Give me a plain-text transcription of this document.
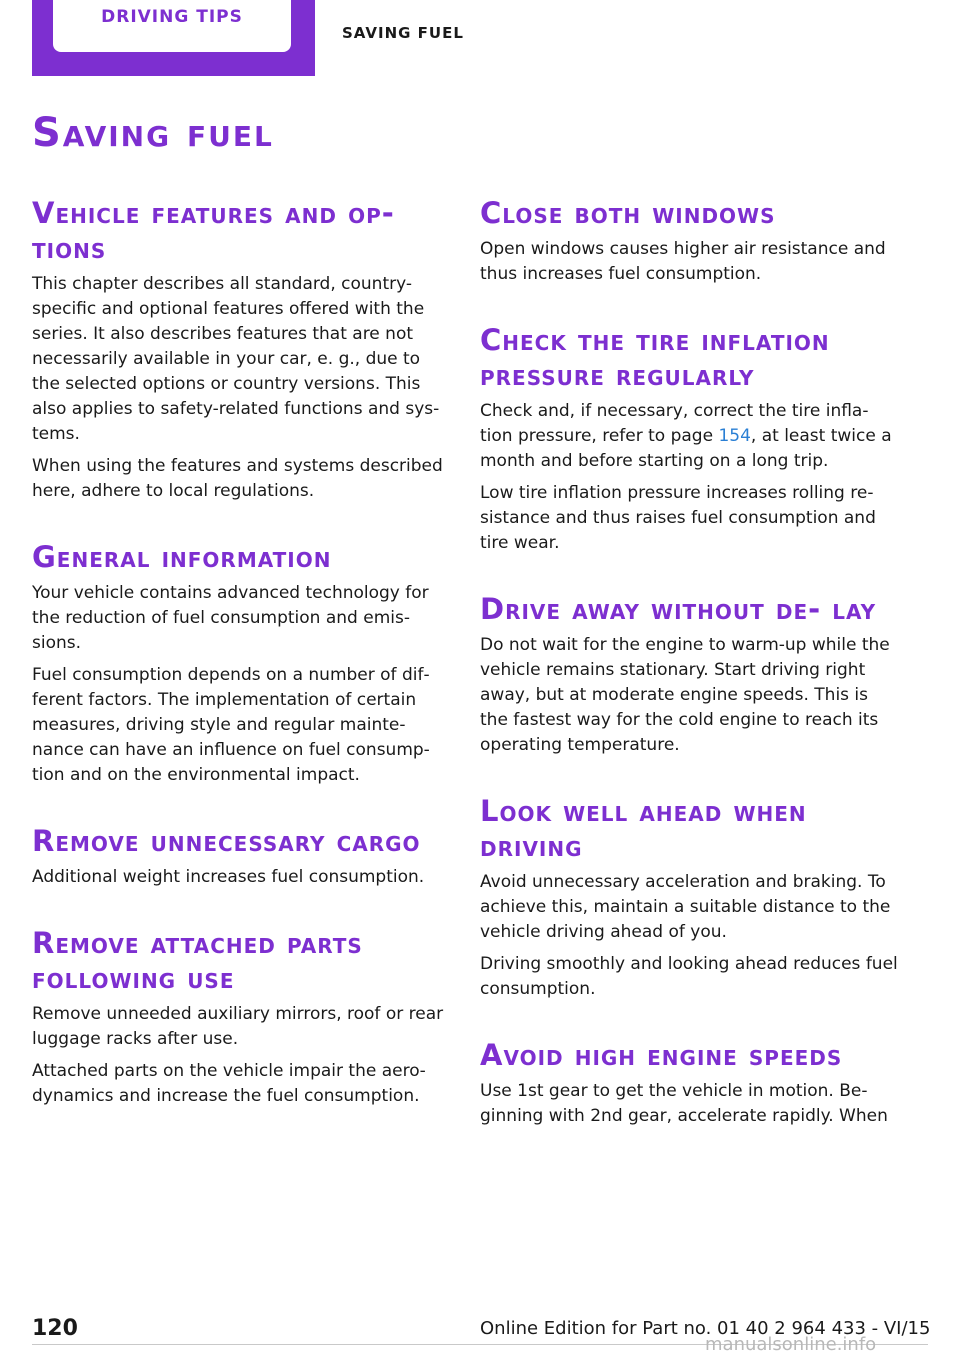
DRIVING TIPS
SAVING FUEL
Saving fuel
Vehicle features and op‐ tions

This chapter describes all standard, country-specific and optional features offered with the series. It also describes features that are not necessarily available in your car, e. g., due to the selected options or country versions. This also applies to safety-related functions and sys‐ tems.

When using the features and systems described here, adhere to local regulations.

General information

Your vehicle contains advanced technology for the reduction of fuel consumption and emis‐ sions.

Fuel consumption depends on a number of dif‐ ferent factors. The implementation of certain measures, driving style and regular mainte‐ nance can have an influence on fuel consump‐ tion and on the environmental impact.

Remove unnecessary cargo

Additional weight increases fuel consumption.

Remove attached parts following use

Remove unneeded auxiliary mirrors, roof or rear luggage racks after use.

Attached parts on the vehicle impair the aero‐ dynamics and increase the fuel consumption.

Close both windows

Open windows causes higher air resistance and thus increases fuel consumption.

Check the tire inflation pressure regularly

Check and, if necessary, correct the tire infla‐ tion pressure, refer to page 154, at least twice a month and before starting on a long trip.

Low tire inflation pressure increases rolling re‐ sistance and thus raises fuel consumption and tire wear.

Drive away without de‐ lay

Do not wait for the engine to warm-up while the vehicle remains stationary. Start driving right away, but at moderate engine speeds. This is the fastest way for the cold engine to reach its operating temperature.

Look well ahead when driving

Avoid unnecessary acceleration and braking. To achieve this, maintain a suitable distance to the vehicle driving ahead of you.

Driving smoothly and looking ahead reduces fuel consumption.

Avoid high engine speeds

Use 1st gear to get the vehicle in motion. Be‐ ginning with 2nd gear, accelerate rapidly. When

120	Online Edition for Part no. 01 40 2 964 433 - VI/15
manualsonline.info
